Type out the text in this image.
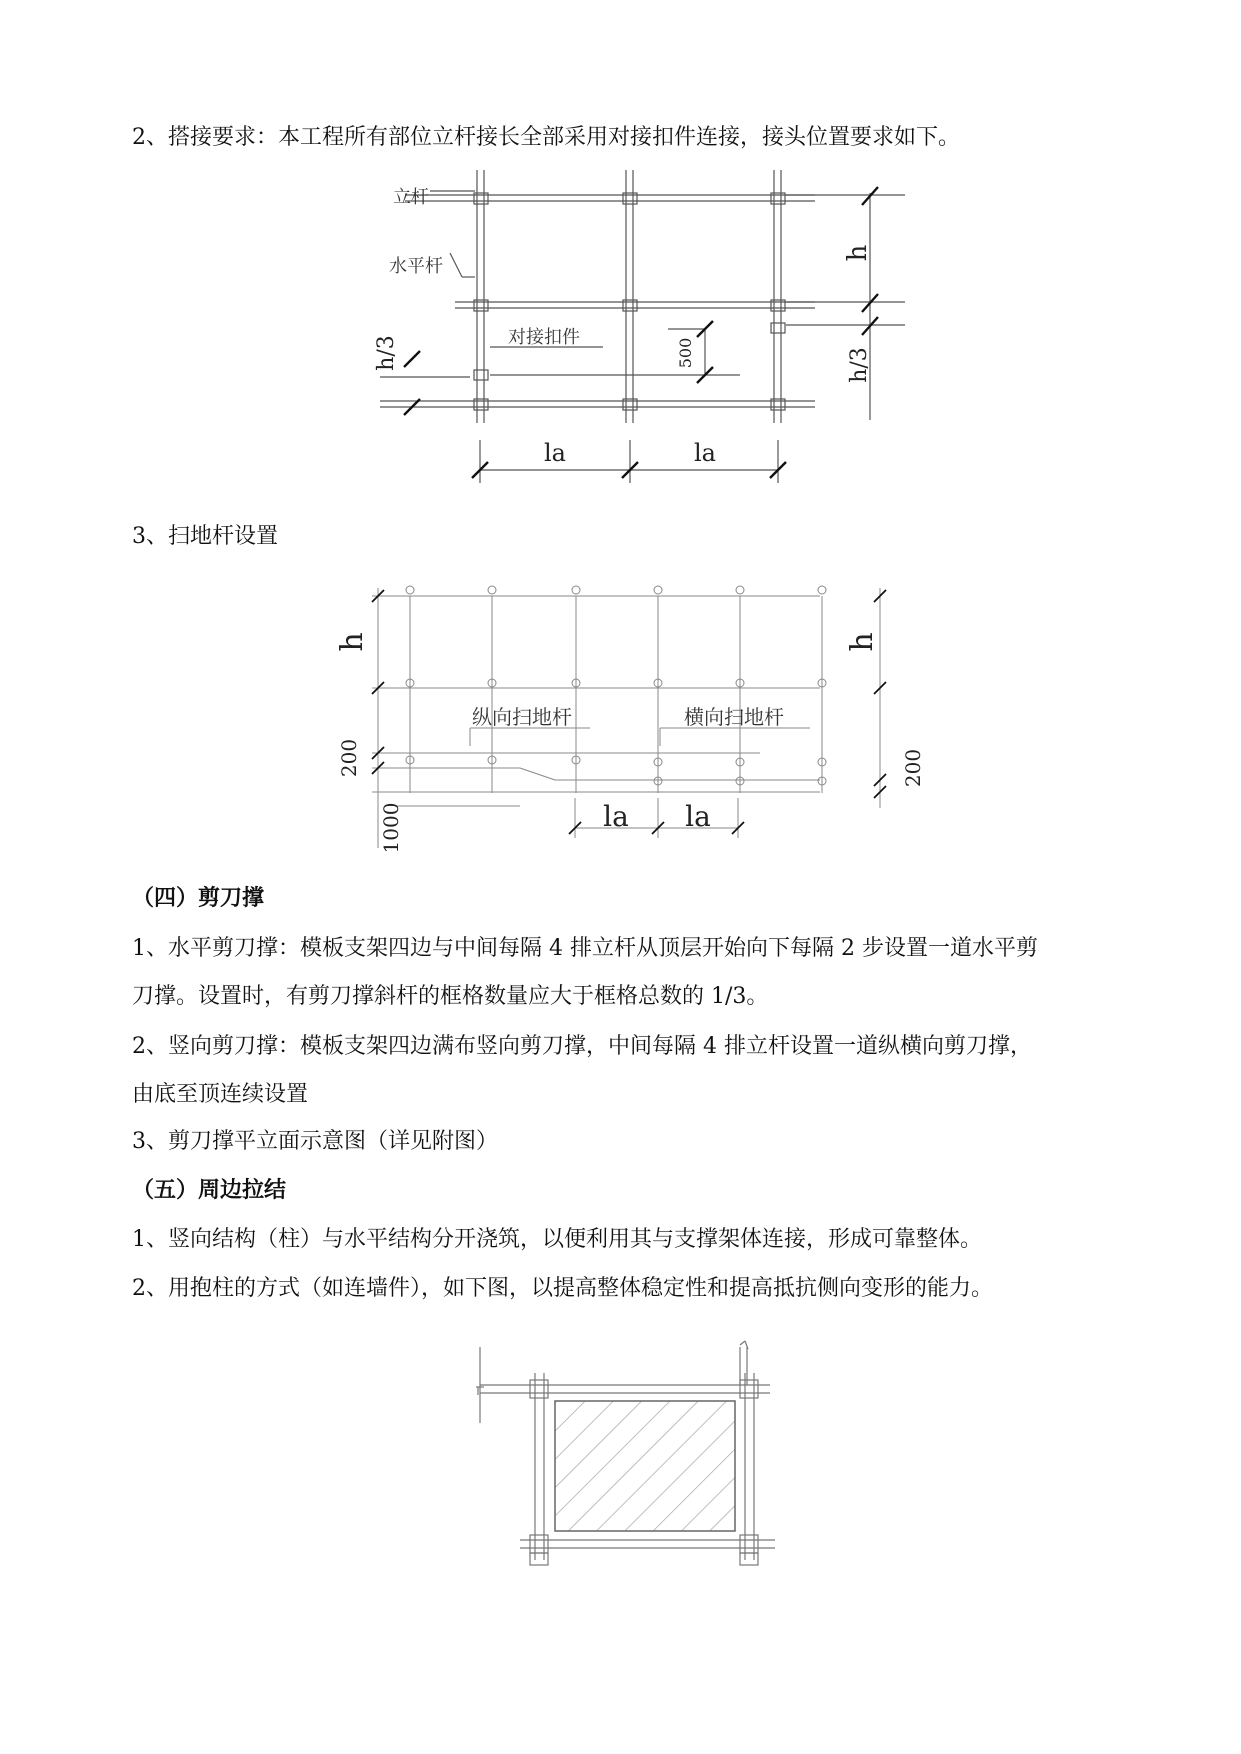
2、搭接要求：本工程所有部位立杆接长全部采用对接扣件连接，接头位置要求如下。
立杆
水平杆
对接扣件
h
h/3
h/3	500
la	la
3、扫地杆设置
h	h
200	200
1000
纵向扫地杆	横向扫地杆
la la
（四）剪刀撑
1、水平剪刀撑：模板支架四边与中间每隔 4 排立杆从顶层开始向下每隔 2 步设置一道水平剪
刀撑。设置时，有剪刀撑斜杆的框格数量应大于框格总数的 1/3。
2、竖向剪刀撑：模板支架四边满布竖向剪刀撑，中间每隔 4 排立杆设置一道纵横向剪刀撑，
由底至顶连续设置
3、剪刀撑平立面示意图（详见附图）
（五）周边拉结
1、竖向结构（柱）与水平结构分开浇筑，以便利用其与支撑架体连接，形成可靠整体。
2、用抱柱的方式（如连墙件），如下图，以提高整体稳定性和提高抵抗侧向变形的能力。
